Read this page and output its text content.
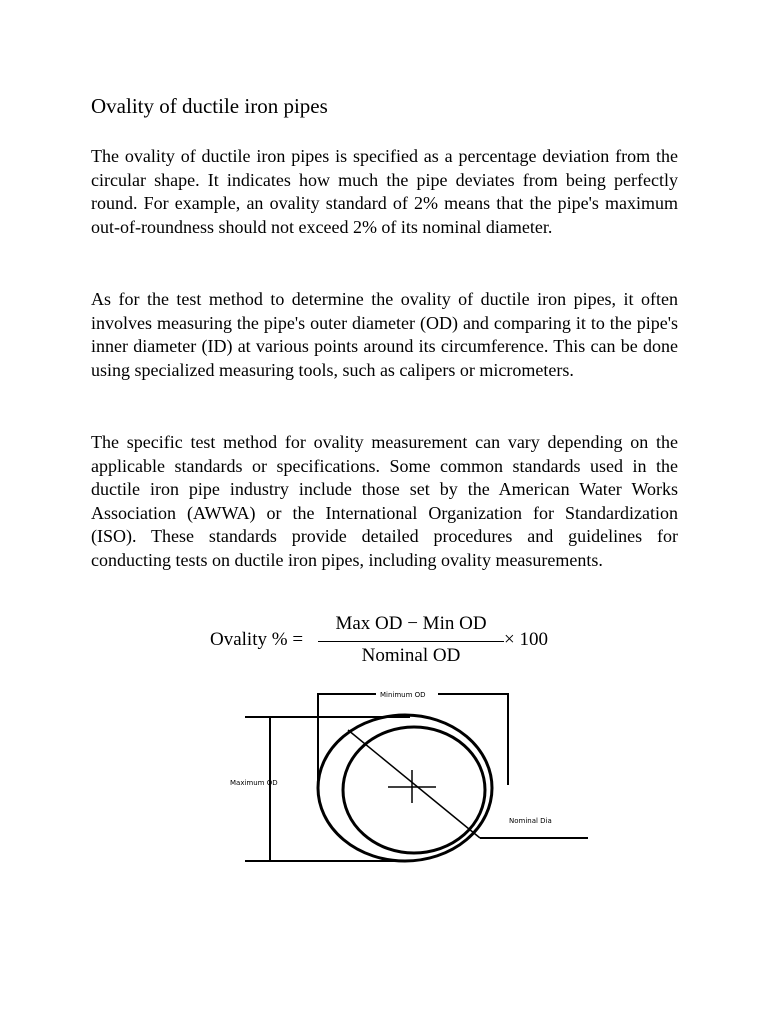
Ovality of ductile iron pipes

The ovality of ductile iron pipes is specified as a percentage deviation from the circular shape. It indicates how much the pipe deviates from being perfectly round. For example, an ovality standard of 2% means that the pipe's maximum out-of-roundness should not exceed 2% of its nominal diameter.

As for the test method to determine the ovality of ductile iron pipes, it often involves measuring the pipe's outer diameter (OD) and comparing it to the pipe's inner diameter (ID) at various points around its circumference. This can be done using specialized measuring tools, such as calipers or micrometers.

The specific test method for ovality measurement can vary depending on the applicable standards or specifications. Some common standards used in the ductile iron pipe industry include those set by the American Water Works Association (AWWA) or the International Organization for Standardization (ISO). These standards provide detailed procedures and guidelines for conducting tests on ductile iron pipes, including ovality measurements.

Ovality % =
Max OD − Min OD
Nominal OD
× 100
Minimum OD
Maximum OD
Nominal Dia
